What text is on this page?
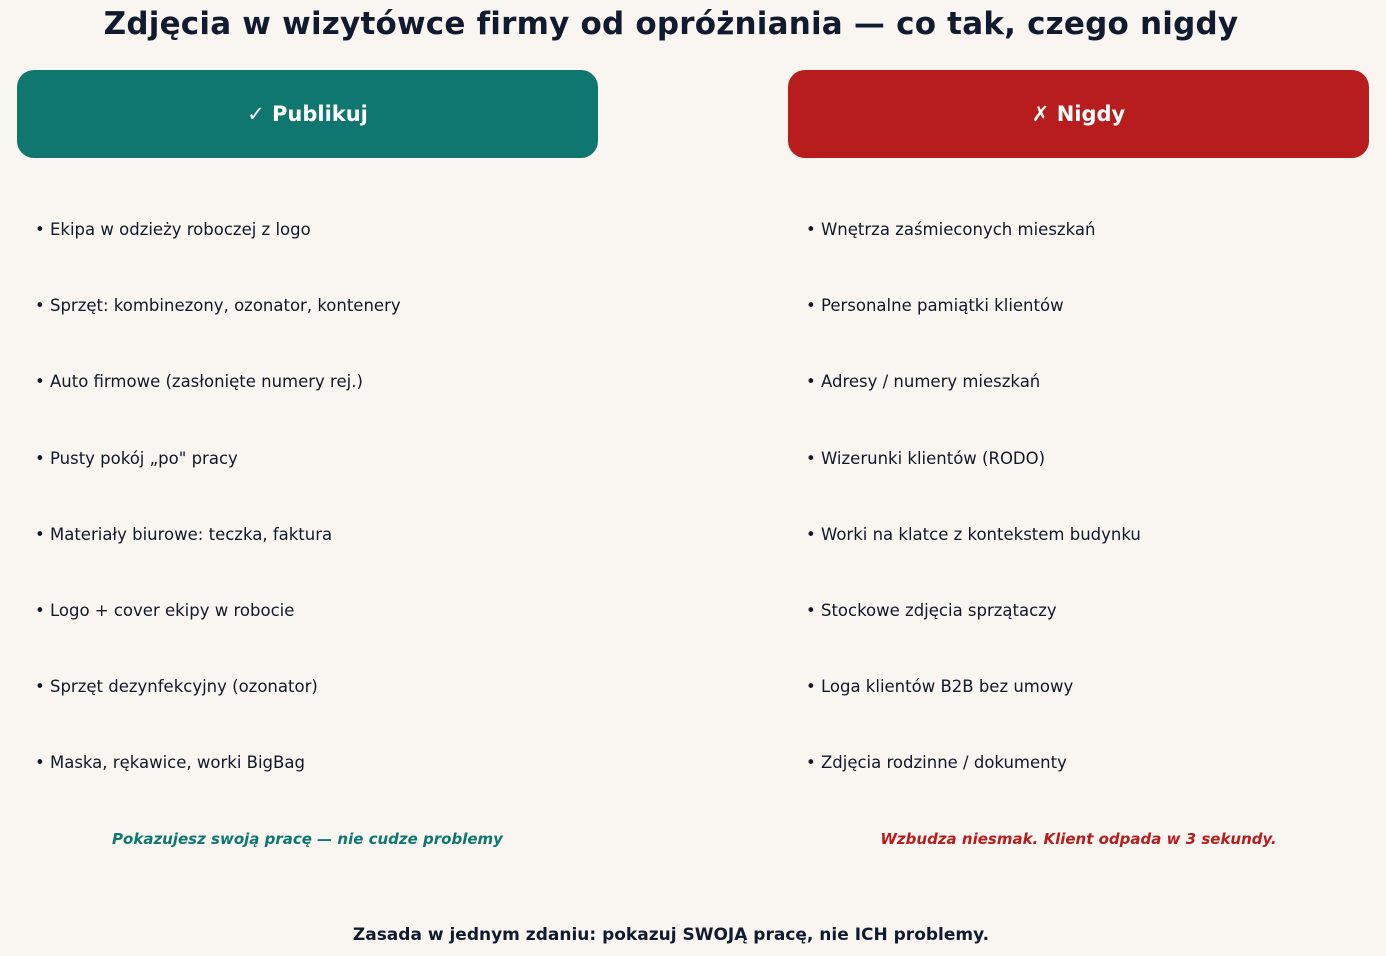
Zdjęcia w wizytówce firmy od opróżniania — co tak, czego nigdy
✓ Publikuj
• Ekipa w odzieży roboczej z logo
• Sprzęt: kombinezony, ozonator, kontenery
• Auto firmowe (zasłonięte numery rej.)
• Pusty pokój „po" pracy
• Materiały biurowe: teczka, faktura
• Logo + cover ekipy w robocie
• Sprzęt dezynfekcyjny (ozonator)
• Maska, rękawice, worki BigBag
Pokazujesz swoją pracę — nie cudze problemy
✗ Nigdy
• Wnętrza zaśmieconych mieszkań
• Personalne pamiątki klientów
• Adresy / numery mieszkań
• Wizerunki klientów (RODO)
• Worki na klatce z kontekstem budynku
• Stockowe zdjęcia sprzątaczy
• Loga klientów B2B bez umowy
• Zdjęcia rodzinne / dokumenty
Wzbudza niesmak. Klient odpada w 3 sekundy.
Zasada w jednym zdaniu: pokazuj SWOJĄ pracę, nie ICH problemy.
